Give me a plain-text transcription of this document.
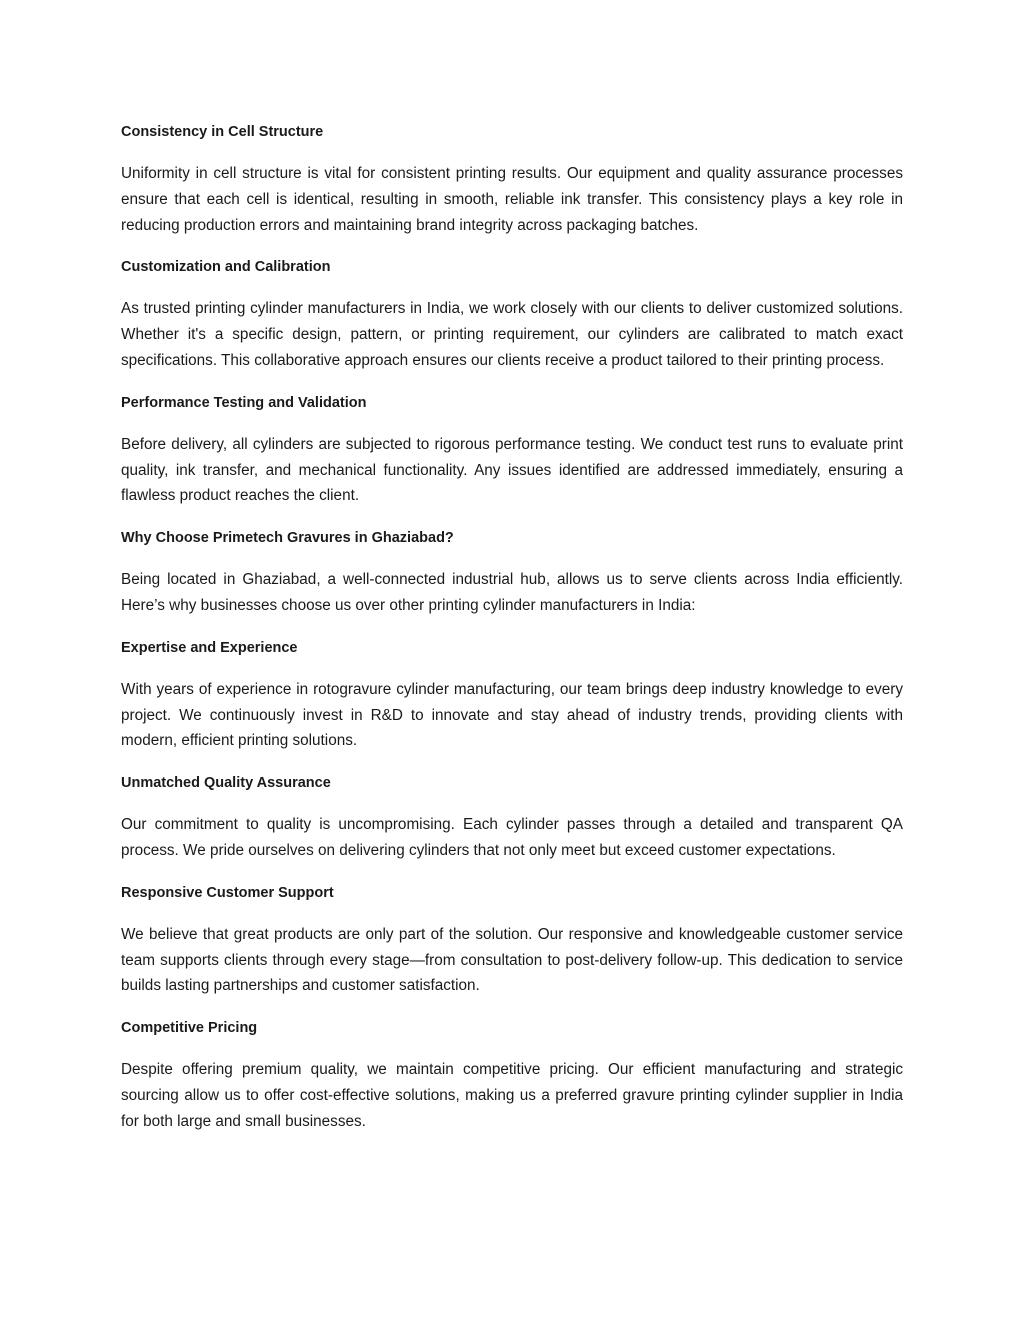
Consistency in Cell Structure

Uniformity in cell structure is vital for consistent printing results. Our equipment and quality assurance processes ensure that each cell is identical, resulting in smooth, reliable ink transfer. This consistency plays a key role in reducing production errors and maintaining brand integrity across packaging batches.

Customization and Calibration

As trusted printing cylinder manufacturers in India, we work closely with our clients to deliver customized solutions. Whether it's a specific design, pattern, or printing requirement, our cylinders are calibrated to match exact specifications. This collaborative approach ensures our clients receive a product tailored to their printing process.

Performance Testing and Validation

Before delivery, all cylinders are subjected to rigorous performance testing. We conduct test runs to evaluate print quality, ink transfer, and mechanical functionality. Any issues identified are addressed immediately, ensuring a flawless product reaches the client.

Why Choose Primetech Gravures in Ghaziabad?

Being located in Ghaziabad, a well-connected industrial hub, allows us to serve clients across India efficiently. Here’s why businesses choose us over other printing cylinder manufacturers in India:

Expertise and Experience

With years of experience in rotogravure cylinder manufacturing, our team brings deep industry knowledge to every project. We continuously invest in R&D to innovate and stay ahead of industry trends, providing clients with modern, efficient printing solutions.

Unmatched Quality Assurance

Our commitment to quality is uncompromising. Each cylinder passes through a detailed and transparent QA process. We pride ourselves on delivering cylinders that not only meet but exceed customer expectations.

Responsive Customer Support

We believe that great products are only part of the solution. Our responsive and knowledgeable customer service team supports clients through every stage—from consultation to post-delivery follow-up. This dedication to service builds lasting partnerships and customer satisfaction.

Competitive Pricing

Despite offering premium quality, we maintain competitive pricing. Our efficient manufacturing and strategic sourcing allow us to offer cost-effective solutions, making us a preferred gravure printing cylinder supplier in India for both large and small businesses.
